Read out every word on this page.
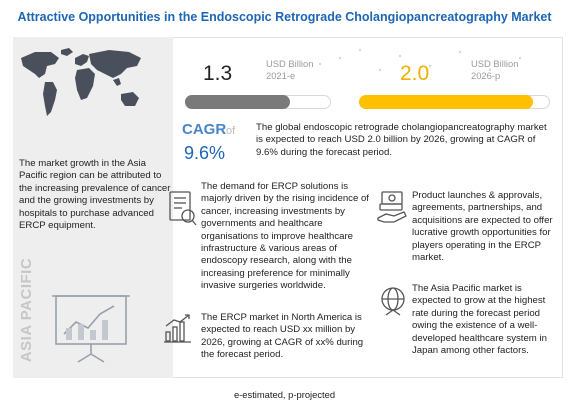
Attractive Opportunities in the Endoscopic Retrograde Cholangiopancreatography Market
The market growth in the Asia Pacific region can be attributed to the increasing prevalence of cancer and the growing investments by hospitals to purchase advanced ERCP equipment.
ASIA PACIFIC
1.3	USD Billion
2021-e	2.0	USD Billion
2026-p
CAGR of
9.6%
The global endoscopic retrograde cholangiopancreatography market is expected to reach USD 2.0 billion by 2026, growing at CAGR of 9.6% during the forecast period.
The demand for ERCP solutions is majorly driven by the rising incidence of cancer, increasing investments by governments and healthcare organisations to improve healthcare infrastructure & various areas of endoscopy research, along with the increasing preference for minimally invasive surgeries worldwide.
The ERCP market in North America is expected to reach USD xx million by 2026, growing at CAGR of xx% during the forecast period.
Product launches & approvals, agreements, partnerships, and acquisitions are expected to offer lucrative growth opportunities for players operating in the ERCP market.
The Asia Pacific market is expected to grow at the highest rate during the forecast period owing the existence of a well-developed healthcare system in Japan among other factors.
e-estimated, p-projected
